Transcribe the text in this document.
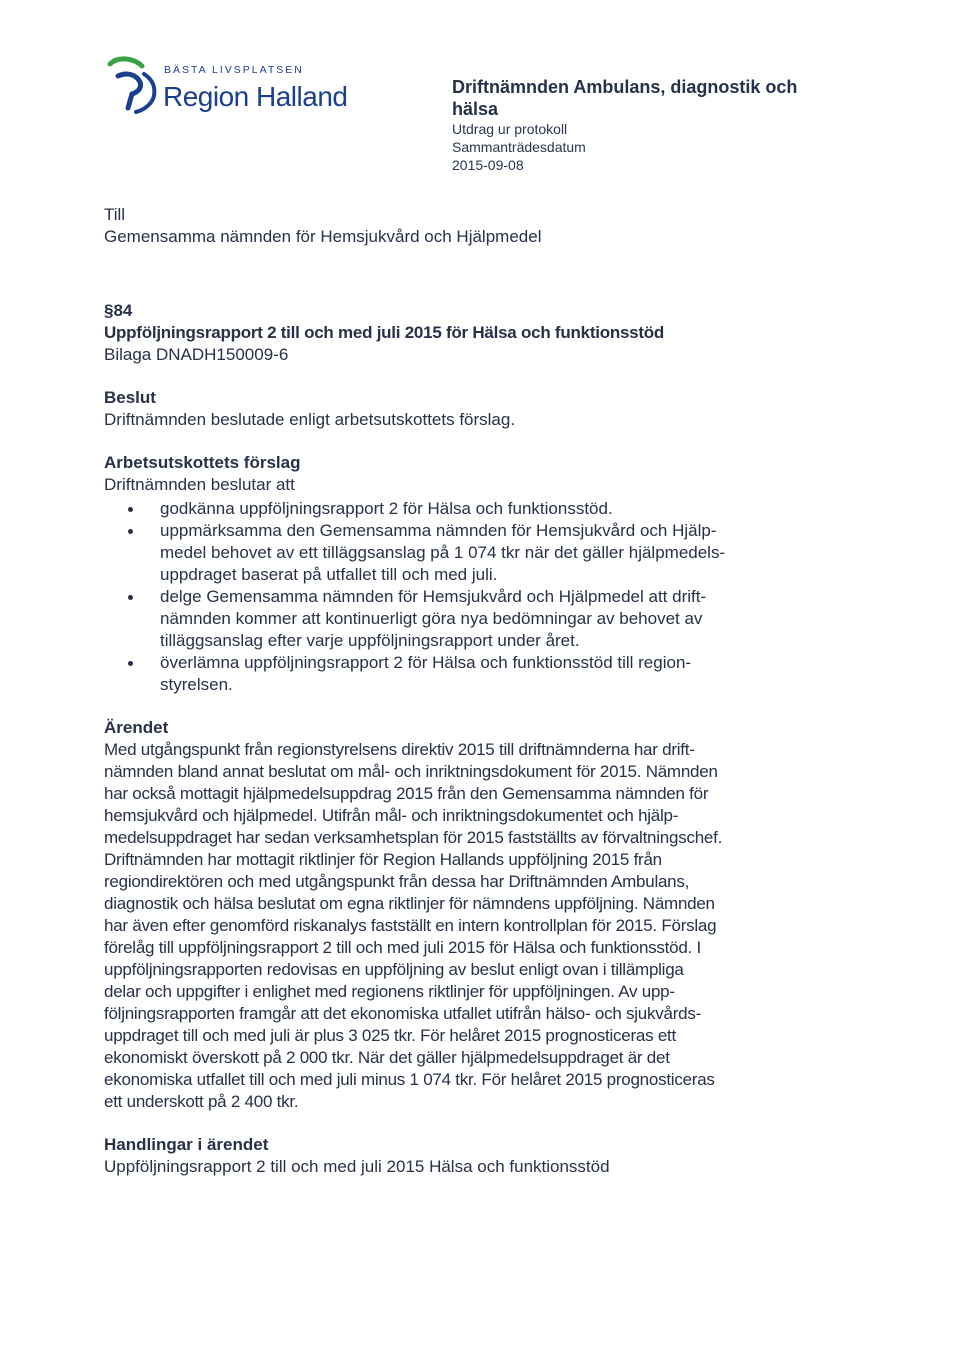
BÄSTA LIVSPLATSEN
Region Halland	Driftnämnden Ambulans, diagnostik och hälsa
Utdrag ur protokoll
Sammanträdesdatum
2015-09-08

Till

Gemensamma nämnden för Hemsjukvård och Hjälpmedel

§84

Uppföljningsrapport 2 till och med juli 2015 för Hälsa och funktionsstöd

Bilaga DNADH150009-6

Beslut

Driftnämnden beslutade enligt arbetsutskottets förslag.

Arbetsutskottets förslag

Driftnämnden beslutar att

godkänna uppföljningsrapport 2 för Hälsa och funktionsstöd.
uppmärksamma den Gemensamma nämnden för Hemsjukvård och Hjälp-
medel behovet av ett tilläggsanslag på 1 074 tkr när det gäller hjälpmedels-
uppdraget baserat på utfallet till och med juli.
delge Gemensamma nämnden för Hemsjukvård och Hjälpmedel att drift-
nämnden kommer att kontinuerligt göra nya bedömningar av behovet av
tilläggsanslag efter varje uppföljningsrapport under året.
överlämna uppföljningsrapport 2 för Hälsa och funktionsstöd till region-
styrelsen.

Ärendet

Med utgångspunkt från regionstyrelsens direktiv 2015 till driftnämnderna har drift-
nämnden bland annat beslutat om mål- och inriktningsdokument för 2015. Nämnden
har också mottagit hjälpmedelsuppdrag 2015 från den Gemensamma nämnden för
hemsjukvård och hjälpmedel. Utifrån mål- och inriktningsdokumentet och hjälp-
medelsuppdraget har sedan verksamhetsplan för 2015 fastställts av förvaltningschef.
Driftnämnden har mottagit riktlinjer för Region Hallands uppföljning 2015 från
regiondirektören och med utgångspunkt från dessa har Driftnämnden Ambulans,
diagnostik och hälsa beslutat om egna riktlinjer för nämndens uppföljning. Nämnden
har även efter genomförd riskanalys fastställt en intern kontrollplan för 2015. Förslag
förelåg till uppföljningsrapport 2 till och med juli 2015 för Hälsa och funktionsstöd. I
uppföljningsrapporten redovisas en uppföljning av beslut enligt ovan i tillämpliga
delar och uppgifter i enlighet med regionens riktlinjer för uppföljningen. Av upp-
följningsrapporten framgår att det ekonomiska utfallet utifrån hälso- och sjukvårds-
uppdraget till och med juli är plus 3 025 tkr. För helåret 2015 prognosticeras ett
ekonomiskt överskott på 2 000 tkr. När det gäller hjälpmedelsuppdraget är det
ekonomiska utfallet till och med juli minus 1 074 tkr. För helåret 2015 prognosticeras
ett underskott på 2 400 tkr.

Handlingar i ärendet

Uppföljningsrapport 2 till och med juli 2015 Hälsa och funktionsstöd
